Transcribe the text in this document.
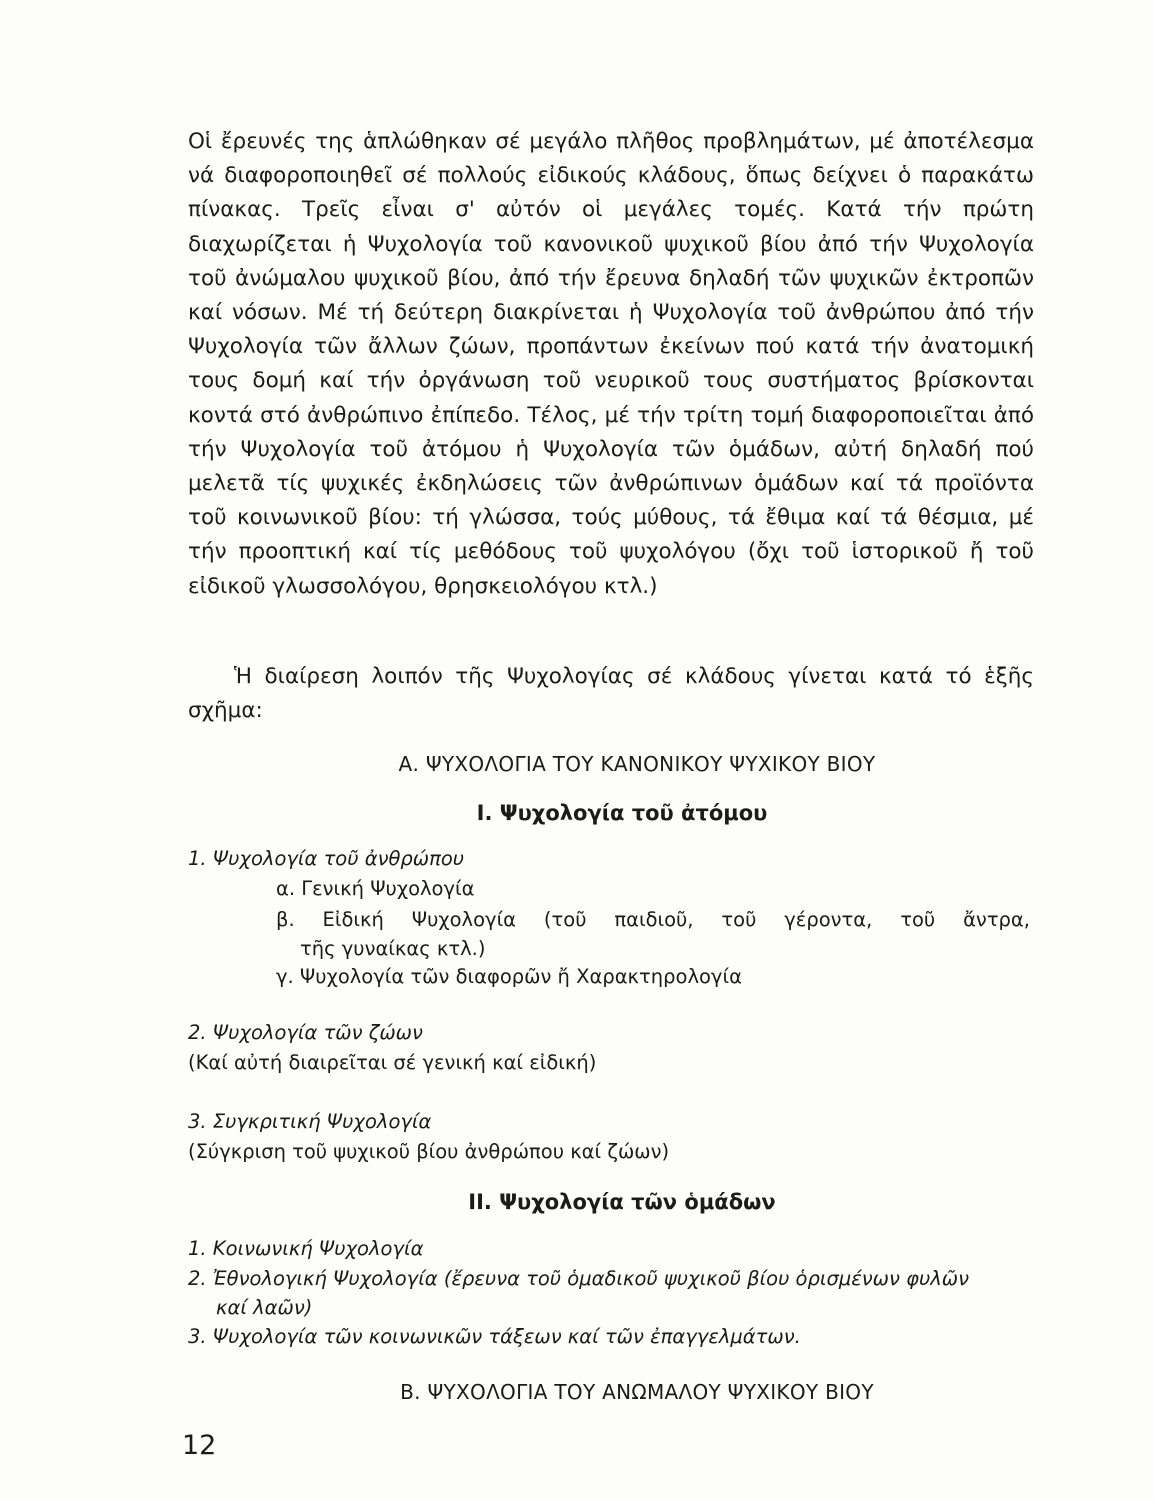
Οἱ ἔρευνές της ἁπλώθηκαν σέ μεγάλο πλῆθος προβλημάτων, μέ ἀποτέλεσμα νά διαφοροποιηθεῖ σέ πολλούς εἰδικούς κλάδους, ὅπως δείχνει ὁ παρακάτω πίνακας. Τρεῖς εἶναι σ' αὐτόν οἱ μεγάλες τομές. Κατά τήν πρώτη διαχωρίζεται ἡ Ψυχολογία τοῦ κανονικοῦ ψυχικοῦ βίου ἀπό τήν Ψυχολογία τοῦ ἀνώμαλου ψυχικοῦ βίου, ἀπό τήν ἔρευνα δηλαδή τῶν ψυχικῶν ἐκτροπῶν καί νόσων. Μέ τή δεύτερη διακρίνεται ἡ Ψυχολογία τοῦ ἀνθρώπου ἀπό τήν Ψυχολογία τῶν ἄλλων ζώων, προπάντων ἐκείνων πού κατά τήν ἀνατομική τους δομή καί τήν ὀργάνωση τοῦ νευρικοῦ τους συστήματος βρίσκονται κοντά στό ἀνθρώπινο ἐπίπεδο. Τέλος, μέ τήν τρίτη τομή διαφοροποιεῖται ἀπό τήν Ψυχολογία τοῦ ἀτόμου ἡ Ψυχολογία τῶν ὁμάδων, αὐτή δηλαδή πού μελετᾶ τίς ψυχικές ἐκδηλώσεις τῶν ἀνθρώπινων ὁμάδων καί τά προϊόντα τοῦ κοινωνικοῦ βίου: τή γλώσσα, τούς μύθους, τά ἔθιμα καί τά θέσμια, μέ τήν προοπτική καί τίς μεθόδους τοῦ ψυχολόγου (ὄχι τοῦ ἱστορικοῦ ἤ τοῦ εἰδικοῦ γλωσσολόγου, θρησκειολόγου κτλ.)

Ἡ διαίρεση λοιπόν τῆς Ψυχολογίας σέ κλάδους γίνεται κατά τό ἑξῆς σχῆμα:

Α. ΨΥΧΟΛΟΓΙΑ ΤΟΥ ΚΑΝΟΝΙΚΟΥ ΨΥΧΙΚΟΥ ΒΙΟΥ

Ι. Ψυχολογία τοῦ ἀτόμου

1. Ψυχολογία τοῦ ἀνθρώπου

α. Γενική Ψυχολογία

β. Εἰδική Ψυχολογία (τοῦ παιδιοῦ, τοῦ γέροντα, τοῦ ἄντρα,

τῆς γυναίκας κτλ.)

γ. Ψυχολογία τῶν διαφορῶν ἤ Χαρακτηρολογία

2. Ψυχολογία τῶν ζώων

(Καί αὐτή διαιρεῖται σέ γενική καί εἰδική)

3. Συγκριτική Ψυχολογία

(Σύγκριση τοῦ ψυχικοῦ βίου ἀνθρώπου καί ζώων)

ΙΙ. Ψυχολογία τῶν ὁμάδων

1. Κοινωνική Ψυχολογία

2. Ἐθνολογική Ψυχολογία (ἔρευνα τοῦ ὁμαδικοῦ ψυχικοῦ βίου ὁρισμένων φυλῶν

καί λαῶν)

3. Ψυχολογία τῶν κοινωνικῶν τάξεων καί τῶν ἐπαγγελμάτων.

Β. ΨΥΧΟΛΟΓΙΑ ΤΟΥ ΑΝΩΜΑΛΟΥ ΨΥΧΙΚΟΥ ΒΙΟΥ

12
